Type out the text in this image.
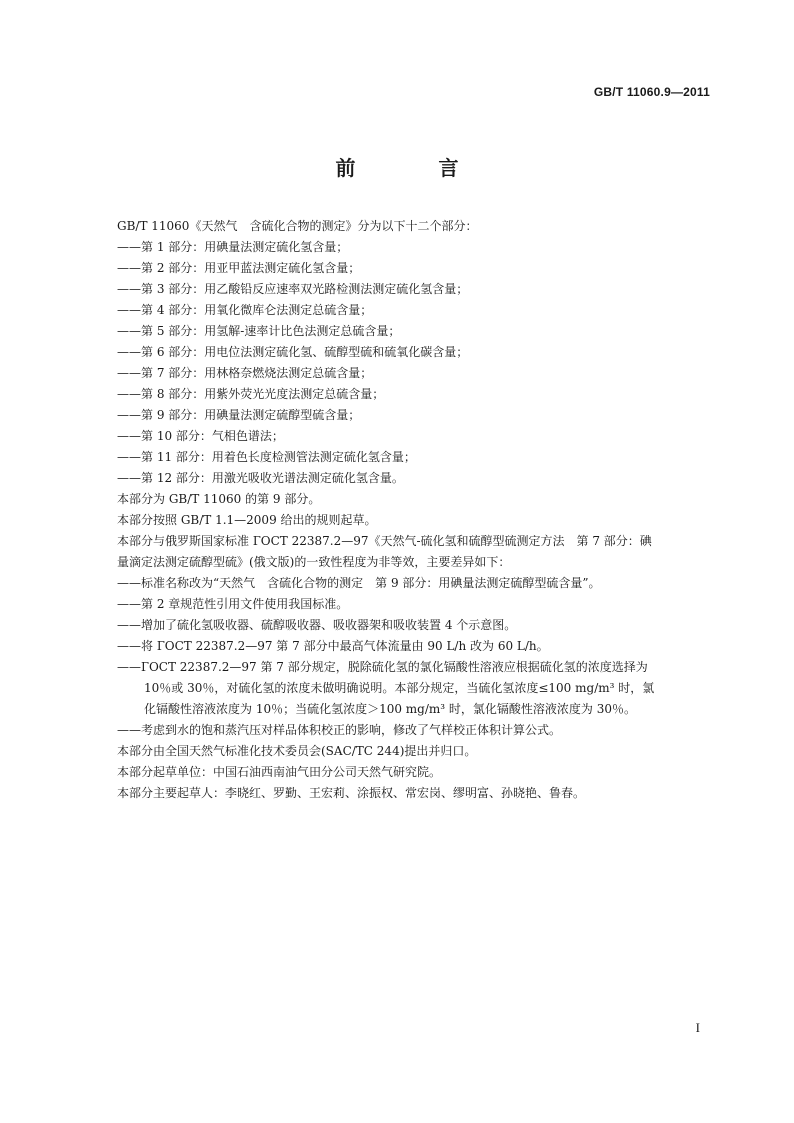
GB/T 11060.9—2011
前 言
GB/T 11060《天然气　含硫化合物的测定》分为以下十二个部分：
——第 1 部分：用碘量法测定硫化氢含量；
——第 2 部分：用亚甲蓝法测定硫化氢含量；
——第 3 部分：用乙酸铅反应速率双光路检测法测定硫化氢含量；
——第 4 部分：用氧化微库仑法测定总硫含量；
——第 5 部分：用氢解-速率计比色法测定总硫含量；
——第 6 部分：用电位法测定硫化氢、硫醇型硫和硫氧化碳含量；
——第 7 部分：用林格奈燃烧法测定总硫含量；
——第 8 部分：用紫外荧光光度法测定总硫含量；
——第 9 部分：用碘量法测定硫醇型硫含量；
——第 10 部分：气相色谱法；
——第 11 部分：用着色长度检测管法测定硫化氢含量；
——第 12 部分：用激光吸收光谱法测定硫化氢含量。
本部分为 GB/T 11060 的第 9 部分。
本部分按照 GB/T 1.1—2009 给出的规则起草。
本部分与俄罗斯国家标准 ГОСТ 22387.2—97《天然气-硫化氢和硫醇型硫测定方法　第 7 部分：碘
量滴定法测定硫醇型硫》(俄文版)的一致性程度为非等效，主要差异如下：
——标准名称改为“天然气　含硫化合物的测定　第 9 部分：用碘量法测定硫醇型硫含量”。
——第 2 章规范性引用文件使用我国标准。
——增加了硫化氢吸收器、硫醇吸收器、吸收器架和吸收装置 4 个示意图。
——将 ГОСТ 22387.2—97 第 7 部分中最高气体流量由 90 L/h 改为 60 L/h。
——ГОСТ 22387.2—97 第 7 部分规定，脱除硫化氢的氯化镉酸性溶液应根据硫化氢的浓度选择为
10％或 30％，对硫化氢的浓度未做明确说明。本部分规定，当硫化氢浓度≤100 mg/m³ 时，氯
化镉酸性溶液浓度为 10％；当硫化氢浓度＞100 mg/m³ 时，氯化镉酸性溶液浓度为 30％。
——考虑到水的饱和蒸汽压对样品体积校正的影响，修改了气样校正体积计算公式。
本部分由全国天然气标准化技术委员会(SAC/TC 244)提出并归口。
本部分起草单位：中国石油西南油气田分公司天然气研究院。
本部分主要起草人：李晓红、罗勤、王宏莉、涂振权、常宏岗、缪明富、孙晓艳、鲁春。
I
